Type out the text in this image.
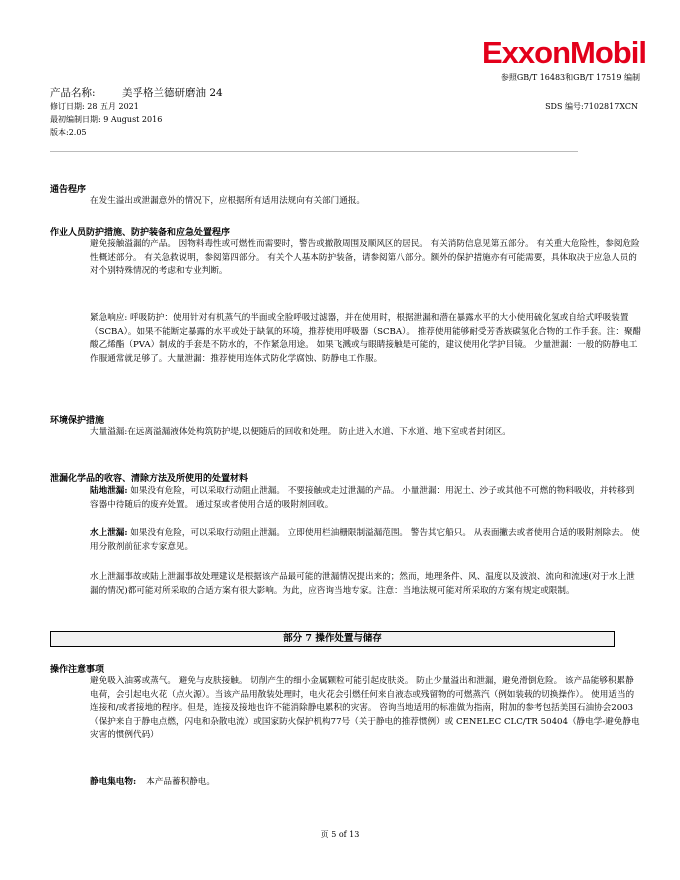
ExxonMobil
参照GB/T 16483和GB/T 17519 编制
产品名称:	美孚格兰德研磨油 24
修订日期: 28 五月 2021
最初编制日期: 9 August 2016
版本:2.05
SDS 编号:7102817XCN
通告程序
在发生溢出或泄漏意外的情况下，应根据所有适用法规向有关部门通报。
作业人员防护措施、防护装备和应急处置程序
避免接触溢漏的产品。 因物料毒性或可燃性而需要时，警告或撤散周围及顺风区的居民。 有关消防信息见第五部分。 有关重大危险性，参阅危险性概述部分。 有关急救说明，参阅第四部分。 有关个人基本防护装备，请参阅第八部分。额外的保护措施亦有可能需要，具体取决于应急人员的对个别特殊情况的考虑和专业判断。
紧急响应: 呼吸防护：使用针对有机蒸气的半面或全脸呼吸过滤器，并在使用时，根据泄漏和潜在暴露水平的大小使用硫化氢或自给式呼吸装置（SCBA）。如果不能断定暴露的水平或处于缺氧的环境，推荐使用呼吸器（SCBA）。 推荐使用能够耐受芳香族碳氢化合物的工作手套。注：聚醋酸乙烯酯（PVA）制成的手套是不防水的，不作紧急用途。 如果飞溅或与眼睛接触是可能的，建议使用化学护目镜。 少量泄漏：一般的防静电工作服通常就足够了。大量泄漏：推荐使用连体式防化学腐蚀、防静电工作服。
环境保护措施
大量溢漏:在远离溢漏液体处构筑防护堤,以便随后的回收和处理。 防止进入水道、下水道、地下室或者封闭区。
泄漏化学品的收容、清除方法及所使用的处置材料
陆地泄漏: 如果没有危险，可以采取行动阻止泄漏。 不要接触或走过泄漏的产品。 小量泄漏：用泥土、沙子或其他不可燃的物料吸收，并转移到容器中待随后的废弃处置。 通过泵或者使用合适的吸附剂回收。
水上泄漏: 如果没有危险，可以采取行动阻止泄漏。 立即使用栏油栅限制溢漏范围。 警告其它船只。 从表面撇去或者使用合适的吸附剂除去。 使用分散剂前征求专家意见。
水上泄漏事故或陆上泄漏事故处理建议是根据该产品最可能的泄漏情况提出来的；然而，地理条件、风、温度以及波浪、流向和流速(对于水上泄漏的情况)都可能对所采取的合适方案有很大影响。为此，应咨询当地专家。注意：当地法规可能对所采取的方案有规定或限制。
部分 7 操作处置与储存
操作注意事项
避免吸入油雾或蒸气。 避免与皮肤接触。 切削产生的细小金属颗粒可能引起皮肤炎。 防止少量溢出和泄漏，避免滑倒危险。 该产品能够积累静电荷，会引起电火花（点火源）。当该产品用散装处理时，电火花会引燃任何来自液态或残留物的可燃蒸汽（例如装载的切换操作）。 使用适当的连接和/或者接地的程序。但是，连接及接地也许不能消除静电累积的灾害。 咨询当地适用的标准做为指南，附加的参考包括美国石油协会2003（保护来自于静电点燃，闪电和杂散电流）或国家防火保护机构77号（关于静电的推荐惯例）或 CENELEC CLC/TR 50404（静电学-避免静电灾害的惯例代码）
静电集电物: 本产品蓄积静电。
页 5 of 13
